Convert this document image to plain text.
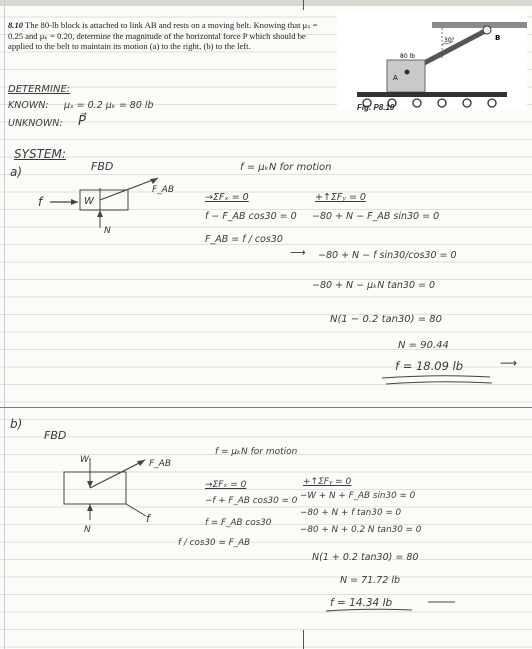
8.10 The 80-lb block is attached to link AB and rests on a moving belt. Knowing that μₛ = 0.25 and μₖ = 0.20, determine the magnitude of the horizontal force P which should be applied to the belt to maintain its motion (a) to the right, (b) to the left.
30°
80 lb
A
B
Fig. P8.10
DETERMINE:
KNOWN: μₛ = 0.2 μₖ = 80 lb
UNKNOWN: P⃗
SYSTEM:
a)	FBD
W
F_AB
f
N
f = μₖN for motion
→ΣFₓ = 0
f − F_AB cos30 = 0
F_AB = f / cos30
+↑ΣFᵧ = 0
−80 + N − F_AB sin30 = 0
⟶ −80 + N − f sin30/cos30 = 0
−80 + N − μₖN tan30 = 0
N(1 − 0.2 tan30) = 80
N = 90.44
f = 18.09 lb	⟶
b)
FBD
W	F_AB
N
f
f = μₖN for motion
→ΣFₓ = 0
−f + F_AB cos30 = 0
f = F_AB cos30
f / cos30 = F_AB
+↑ΣFᵧ = 0
−W + N + F_AB sin30 = 0
−80 + N + f tan30 = 0
−80 + N + 0.2 N tan30 = 0
N(1 + 0.2 tan30) = 80
N = 71.72 lb
f = 14.34 lb
